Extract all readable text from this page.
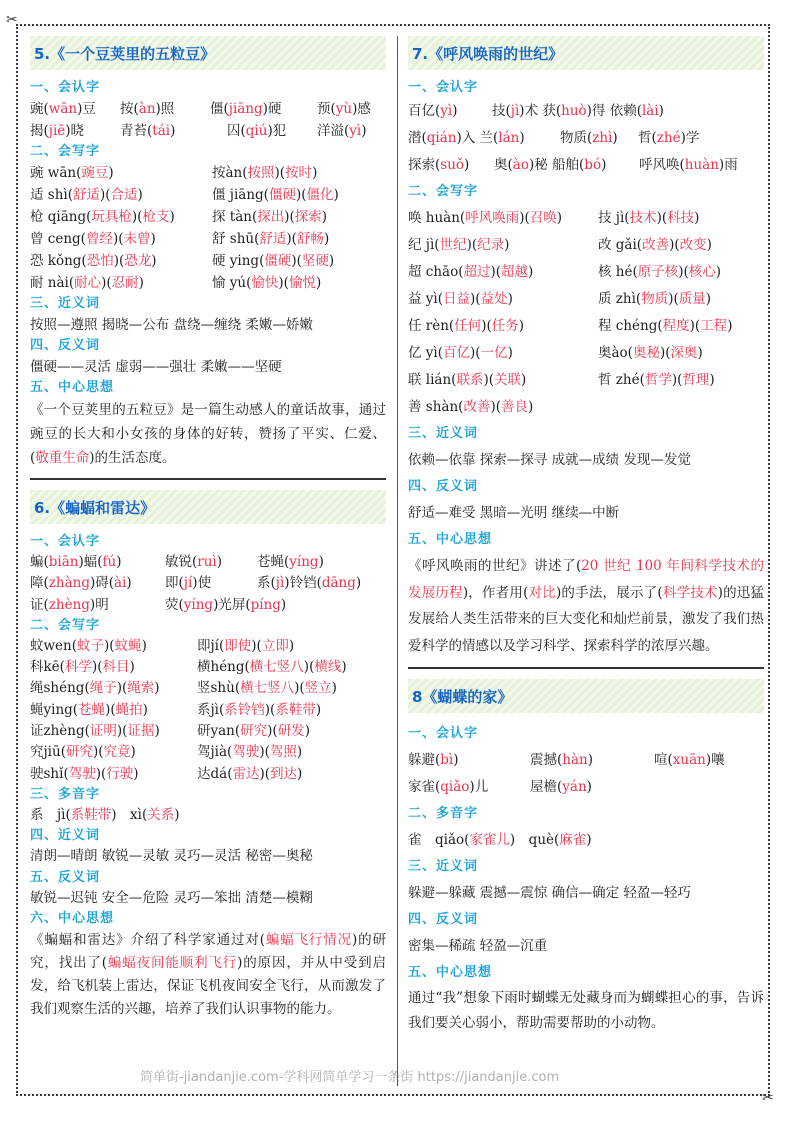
✂
✂
5.《一个豆荚里的五粒豆》
一、会认字
豌(wān)豆	按(àn)照	僵(jiāng)硬	预(yù)感
揭(jiē)晓	青苔(tái)	囚(qiú)犯	洋溢(yì)
二、会写字
豌 wān(豌豆)	按àn(按照)(按时)
适 shì(舒适)(合适)	僵 jiāng(僵硬)(僵化)
枪 qiāng(玩具枪)(枪支)	探 tàn(探出)(探索)
曾 ceng(曾经)(未曾)	舒 shū(舒适)(舒畅)
恐 kǒng(恐怕)(恐龙)	硬 ying(僵硬)(坚硬)
耐 nài(耐心)(忍耐)	愉 yú(愉快)(愉悦)
三、近义词
按照—遵照 揭晓—公布 盘绕—缠绕 柔嫩—娇嫩
四、反义词
僵硬——灵活 虚弱——强壮 柔嫩——坚硬
五、中心思想
《一个豆荚里的五粒豆》是一篇生动感人的童话故事，通过豌豆的长大和小女孩的身体的好转，赞扬了平实、仁爱、(敬重生命)的生活态度。
6.《蝙蝠和雷达》
一、会认字
蝙(biān)蝠(fú)	敏锐(ruì)	苍蝇(yíng)
障(zhàng)碍(ài)	即(jí)使	系(jì)铃铛(dāng)
证(zhèng)明	荧(yíng)光屏(píng)
二、会写字
蚊wen(蚊子)(蚊蝇)	即jí(即使)(立即)
科kē(科学)(科目)	横héng(横七竖八)(横线)
绳shéng(绳子)(绳索)	竖shù(横七竖八)(竖立)
蝇ying(苍蝇)(蝇拍)	系jì(系铃铛)(系鞋带)
证zhèng(证明)(证据)	研yan(研究)(研发)
究jiū(研究)(究竟)	驾jià(驾驶)(驾照)
驶shǐ(驾驶)(行驶)	达dá(雷达)(到达)
三、多音字
系　jì(系鞋带)　xì(关系)
四、近义词
清朗—晴朗 敏锐—灵敏 灵巧—灵活 秘密—奥秘
五、反义词
敏锐—迟钝 安全—危险 灵巧—笨拙 清楚—模糊
六、中心思想
《蝙蝠和雷达》介绍了科学家通过对(蝙蝠飞行情况)的研究，找出了(蝙蝠夜间能顺利飞行)的原因，并从中受到启发，给飞机装上雷达，保证飞机夜间安全飞行，从而激发了我们观察生活的兴趣，培养了我们认识事物的能力。
7.《呼风唤雨的世纪》
一、会认字
百亿(yì)	技(jì)术 获(huò)得 依赖(lài)
潜(qián)入 兰(lán)	物质(zhì)	哲(zhé)学
探索(suǒ)	奥(ào)秘 船舶(bó)	呼风唤(huàn)雨
二、会写字
唤 huàn(呼风唤雨)(召唤)	技 jì(技术)(科技)
纪 jì(世纪)(纪录)	改 gǎi(改善)(改变)
超 chāo(超过)(超越)	核 hé(原子核)(核心)
益 yì(日益)(益处)	质 zhì(物质)(质量)
任 rèn(任何)(任务)	程 chéng(程度)(工程)
亿 yì(百亿)(一亿)	奥ào(奥秘)(深奥)
联 lián(联系)(关联)	哲 zhé(哲学)(哲理)
善 shàn(改善)(善良)
三、近义词
依赖—依靠 探索—探寻 成就—成绩 发现—发觉
四、反义词
舒适—难受 黑暗—光明 继续—中断
五、中心思想
《呼风唤雨的世纪》讲述了(20 世纪 100 年间科学技术的发展历程)，作者用(对比)的手法，展示了(科学技术)的迅猛发展给人类生活带来的巨大变化和灿烂前景，激发了我们热爱科学的情感以及学习科学、探索科学的浓厚兴趣。
8《蝴蝶的家》
一、会认字
躲避(bì)	震撼(hàn)	喧(xuān)嚷
家雀(qiǎo)儿	屋檐(yán)
二、多音字
雀　qiǎo(家雀儿)　què(麻雀)
三、近义词
躲避—躲藏 震撼—震惊 确信—确定 轻盈—轻巧
四、反义词
密集—稀疏 轻盈—沉重
五、中心思想
通过“我”想象下雨时蝴蝶无处藏身而为蝴蝶担心的事，告诉我们要关心弱小，帮助需要帮助的小动物。
简单街-jiandanjie.com-学科网简单学习一条街 https://jiandanjie.com
